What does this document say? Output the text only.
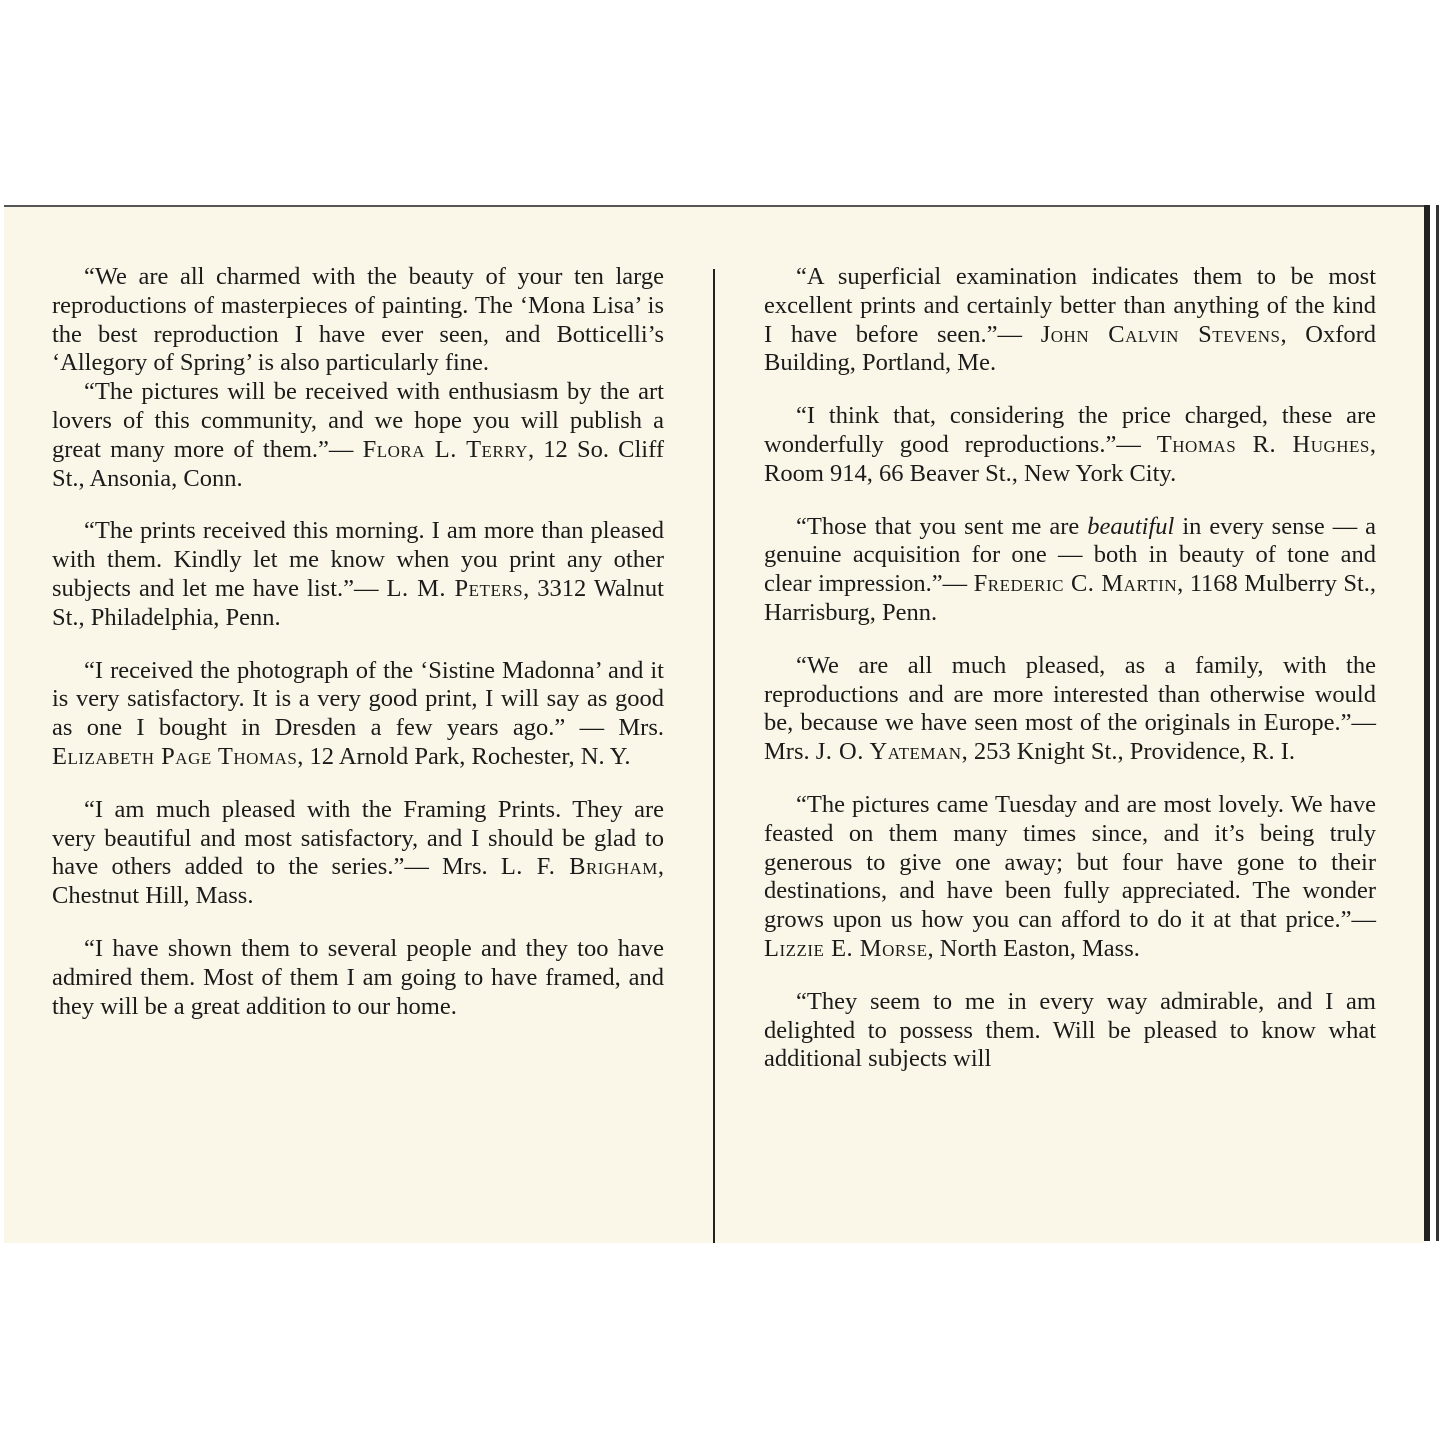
“We are all charmed with the beauty of your ten large reproductions of masterpieces of painting. The ‘Mona Lisa’ is the best reproduction I have ever seen, and Botticelli’s ‘Allegory of Spring’ is also particularly fine.

“The pictures will be received with enthusiasm by the art lovers of this community, and we hope you will publish a great many more of them.”— Flora L. Terry, 12 So. Cliff St., Ansonia, Conn.

“The prints received this morning. I am more than pleased with them. Kindly let me know when you print any other subjects and let me have list.”— L. M. Peters, 3312 Walnut St., Philadelphia, Penn.

“I received the photograph of the ‘Sistine Madonna’ and it is very satisfactory. It is a very good print, I will say as good as one I bought in Dresden a few years ago.” — Mrs. Elizabeth Page Thomas, 12 Arnold Park, Rochester, N. Y.

“I am much pleased with the Framing Prints. They are very beautiful and most satisfactory, and I should be glad to have others added to the series.”— Mrs. L. F. Brigham, Chestnut Hill, Mass.

“I have shown them to several people and they too have admired them. Most of them I am going to have framed, and they will be a great addition to our home.

“A superficial examination indicates them to be most excellent prints and certainly better than anything of the kind I have before seen.”— John Calvin Stevens, Oxford Building, Portland, Me.

“I think that, considering the price charged, these are wonderfully good reproductions.”— Thomas R. Hughes, Room 914, 66 Beaver St., New York City.

“Those that you sent me are beautiful in every sense — a genuine acquisition for one — both in beauty of tone and clear impression.”— Frederic C. Martin, 1168 Mulberry St., Harrisburg, Penn.

“We are all much pleased, as a family, with the reproductions and are more interested than otherwise would be, because we have seen most of the originals in Europe.”— Mrs. J. O. Yateman, 253 Knight St., Providence, R. I.

“The pictures came Tuesday and are most lovely. We have feasted on them many times since, and it’s being truly generous to give one away; but four have gone to their destinations, and have been fully appreciated. The wonder grows upon us how you can afford to do it at that price.”— Lizzie E. Morse, North Easton, Mass.

“They seem to me in every way admirable, and I am delighted to possess them. Will be pleased to know what additional subjects will
